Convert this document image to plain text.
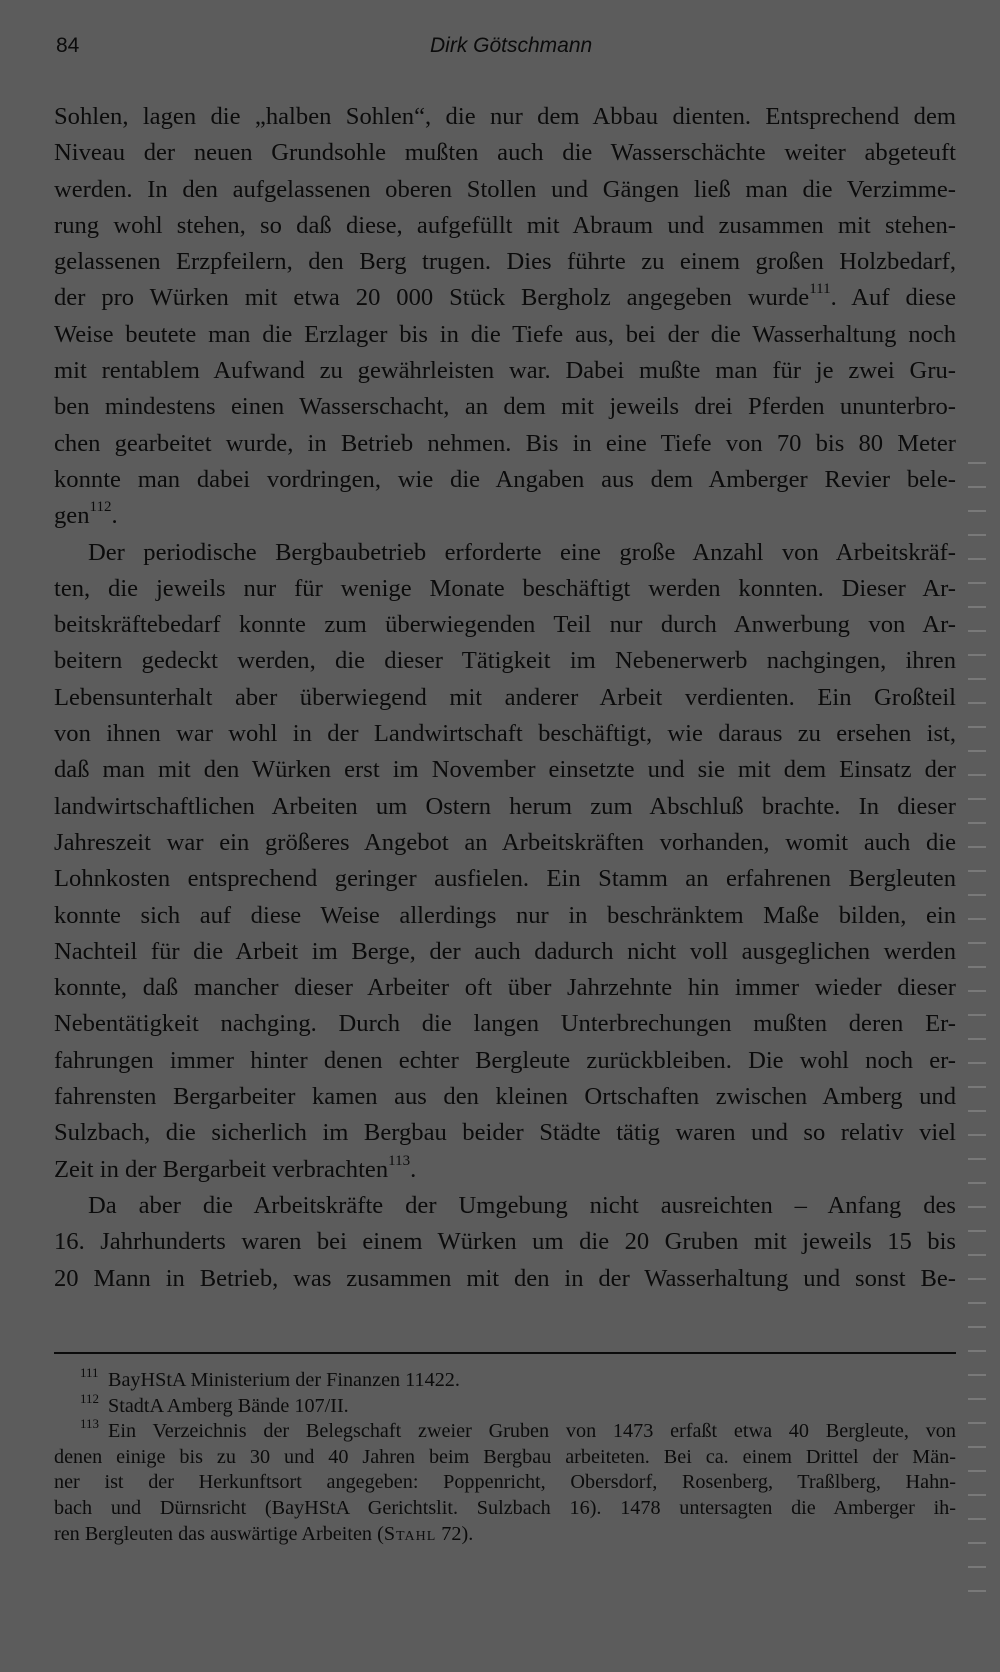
84	Dirk Götschmann
Sohlen, lagen die „halben Sohlen“, die nur dem Abbau dienten. Entsprechend dem
Niveau der neuen Grundsohle mußten auch die Wasserschächte weiter abgeteuft
werden. In den aufgelassenen oberen Stollen und Gängen ließ man die Verzimme-
rung wohl stehen, so daß diese, aufgefüllt mit Abraum und zusammen mit stehen-
gelassenen Erzpfeilern, den Berg trugen. Dies führte zu einem großen Holzbedarf,
der pro Würken mit etwa 20 000 Stück Bergholz angegeben wurde$^{111}$. Auf diese
Weise beutete man die Erzlager bis in die Tiefe aus, bei der die Wasserhaltung noch
mit rentablem Aufwand zu gewährleisten war. Dabei mußte man für je zwei Gru-
ben mindestens einen Wasserschacht, an dem mit jeweils drei Pferden ununterbro-
chen gearbeitet wurde, in Betrieb nehmen. Bis in eine Tiefe von 70 bis 80 Meter
konnte man dabei vordringen, wie die Angaben aus dem Amberger Revier bele-
gen$^{112}$.
Der periodische Bergbaubetrieb erforderte eine große Anzahl von Arbeitskräf-
ten, die jeweils nur für wenige Monate beschäftigt werden konnten. Dieser Ar-
beitskräftebedarf konnte zum überwiegenden Teil nur durch Anwerbung von Ar-
beitern gedeckt werden, die dieser Tätigkeit im Nebenerwerb nachgingen, ihren
Lebensunterhalt aber überwiegend mit anderer Arbeit verdienten. Ein Großteil
von ihnen war wohl in der Landwirtschaft beschäftigt, wie daraus zu ersehen ist,
daß man mit den Würken erst im November einsetzte und sie mit dem Einsatz der
landwirtschaftlichen Arbeiten um Ostern herum zum Abschluß brachte. In dieser
Jahreszeit war ein größeres Angebot an Arbeitskräften vorhanden, womit auch die
Lohnkosten entsprechend geringer ausfielen. Ein Stamm an erfahrenen Bergleuten
konnte sich auf diese Weise allerdings nur in beschränktem Maße bilden, ein
Nachteil für die Arbeit im Berge, der auch dadurch nicht voll ausgeglichen werden
konnte, daß mancher dieser Arbeiter oft über Jahrzehnte hin immer wieder dieser
Nebentätigkeit nachging. Durch die langen Unterbrechungen mußten deren Er-
fahrungen immer hinter denen echter Bergleute zurückbleiben. Die wohl noch er-
fahrensten Bergarbeiter kamen aus den kleinen Ortschaften zwischen Amberg und
Sulzbach, die sicherlich im Bergbau beider Städte tätig waren und so relativ viel
Zeit in der Bergarbeit verbrachten$^{113}$.
Da aber die Arbeitskräfte der Umgebung nicht ausreichten – Anfang des
16. Jahrhunderts waren bei einem Würken um die 20 Gruben mit jeweils 15 bis
20 Mann in Betrieb, was zusammen mit den in der Wasserhaltung und sonst Be-
111 BayHStA Ministerium der Finanzen 11422.
112 StadtA Amberg Bände 107/II.
113 Ein Verzeichnis der Belegschaft zweier Gruben von 1473 erfaßt etwa 40 Bergleute, von
denen einige bis zu 30 und 40 Jahren beim Bergbau arbeiteten. Bei ca. einem Drittel der Män-
ner ist der Herkunftsort angegeben: Poppenricht, Obersdorf, Rosenberg, Traßlberg, Hahn-
bach und Dürnsricht (BayHStA Gerichtslit. Sulzbach 16). 1478 untersagten die Amberger ih-
ren Bergleuten das auswärtige Arbeiten (Stahl 72).
